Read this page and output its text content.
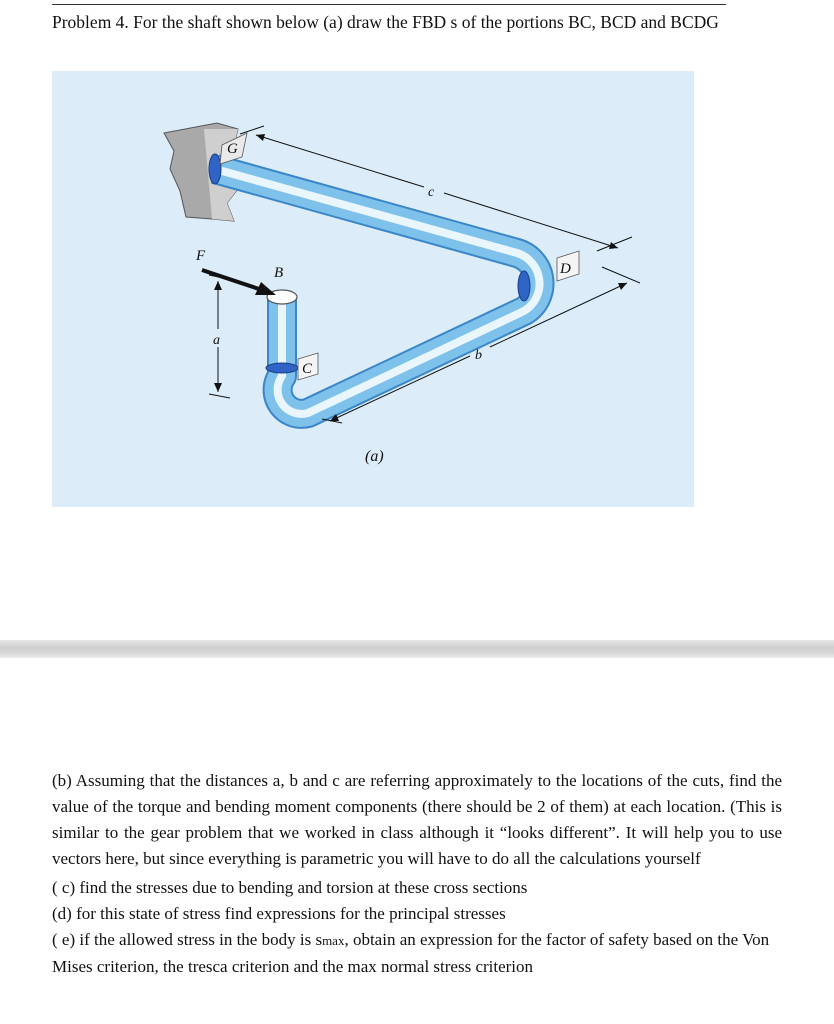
Problem 4. For the shaft shown below (a) draw the FBD s of the portions BC, BCD and BCDG
G
F
B
C
D
a
b
c
(a)

(b) Assuming that the distances a, b and c are referring approximately to the locations of the cuts, find the value of the torque and bending moment components (there should be 2 of them) at each location. (This is similar to the gear problem that we worked in class although it “looks different”. It will help you to use vectors here, but since everything is parametric you will have to do all the calculations yourself

( c) find the stresses due to bending and torsion at these cross sections

(d) for this state of stress find expressions for the principal stresses

( e) if the allowed stress in the body is smax, obtain an expression for the factor of safety based on the Von Mises criterion, the tresca criterion and the max normal stress criterion
